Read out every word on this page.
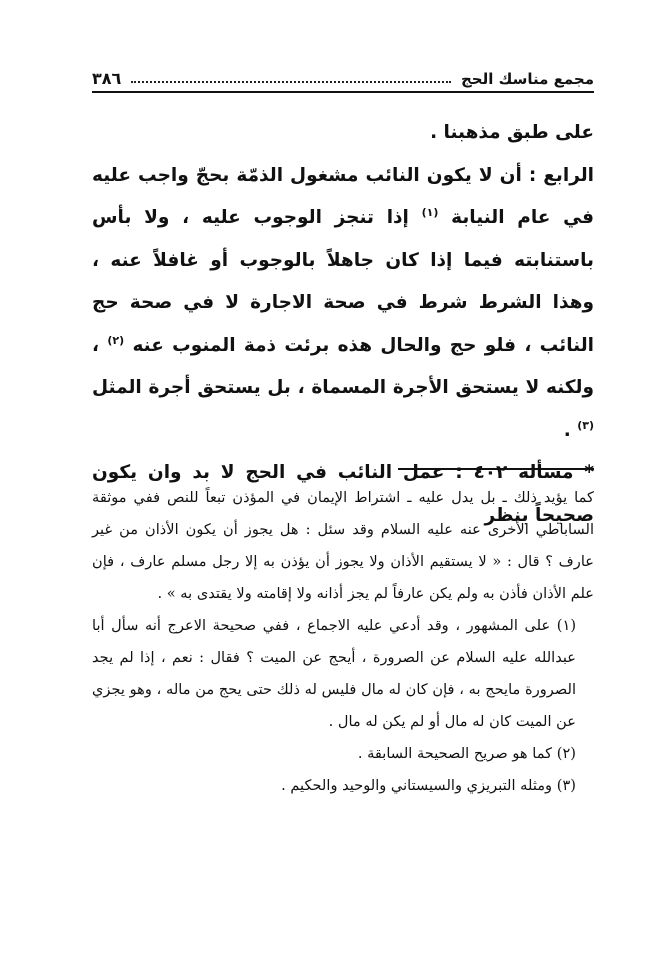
مجمع مناسك الحج
٣٨٦

على طبق مذهبنا .

الرابع : أن لا يكون النائب مشغول الذمّة بحجّ واجب عليه في عام النيابة $^{(١)}$ إذا تنجز الوجوب عليه ، ولا بأس باستنابته فيما إذا كان جاهلاً بالوجوب أو غافلاً عنه ، وهذا الشرط شرط في صحة الاجارة لا في صحة حج النائب ، فلو حج والحال هذه برئت ذمة المنوب عنه $^{(٢)}$ ، ولكنه لا يستحق الأجرة المسماة ، بل يستحق أجرة المثل $^{(٣)}$ .

* مسألة ٤٠٢ : عمل النائب في الحج لا بد وان يكون صحيحاً بنظر

كما يؤيد ذلك ـ بل يدل عليه ـ اشتراط الإيمان في المؤذن تبعاً للنص ففي موثقة الساباطي الأخرى عنه عليه السلام وقد سئل : هل يجوز أن يكون الأذان من غير عارف ؟ قال : « لا يستقيم الأذان ولا يجوز أن يؤذن به إلا رجل مسلم عارف ، فإن علم الأذان فأذن به ولم يكن عارفاً لم يجز أذانه ولا إقامته ولا يقتدى به » .

(١) على المشهور ، وقد أدعي عليه الاجماع ، ففي صحيحة الاعرج أنه سأل أبا عبدالله عليه السلام عن الصرورة ، أيحج عن الميت ؟ فقال : نعم ، إذا لم يجد الصرورة مايحج به ، فإن كان له مال فليس له ذلك حتى يحج من ماله ، وهو يجزي عن الميت كان له مال أو لم يكن له مال .

(٢) كما هو صريح الصحيحة السابقة .

(٣) ومثله التبريزي والسيستاني والوحيد والحكيم .
